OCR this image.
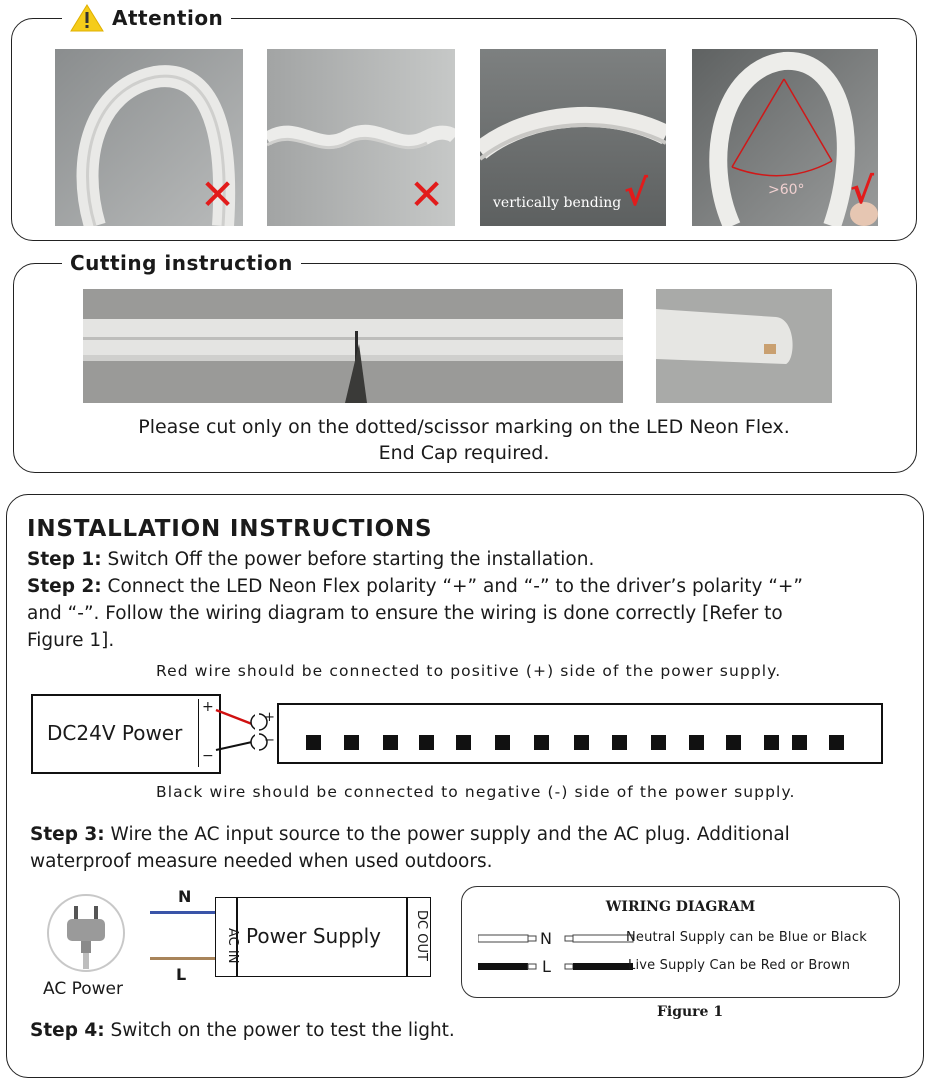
Attention
✕	✕	vertically bending √	>60° √
Cutting instruction
Please cut only on the dotted/scissor marking on the LED Neon Flex.
End Cap required.
INSTALLATION INSTRUCTIONS
Step 1: Switch Off the power before starting the installation.
Step 2: Connect the LED Neon Flex polarity “+” and “-” to the driver’s polarity “+”
and “-”. Follow the wiring diagram to ensure the wiring is done correctly [Refer to
Figure 1].
Red wire should be connected to positive (+) side of the power supply.
DC24V Power
+
−
+
−
Black wire should be connected to negative (-) side of the power supply.
Step 3: Wire the AC input source to the power supply and the AC plug. Additional
waterproof measure needed when used outdoors.
AC Power
N
L
AC IN Power Supply	DC OUT
WIRING DIAGRAM
N	Neutral Supply can be Blue or Black
L	Live Supply Can be Red or Brown
Figure 1
Step 4: Switch on the power to test the light.
